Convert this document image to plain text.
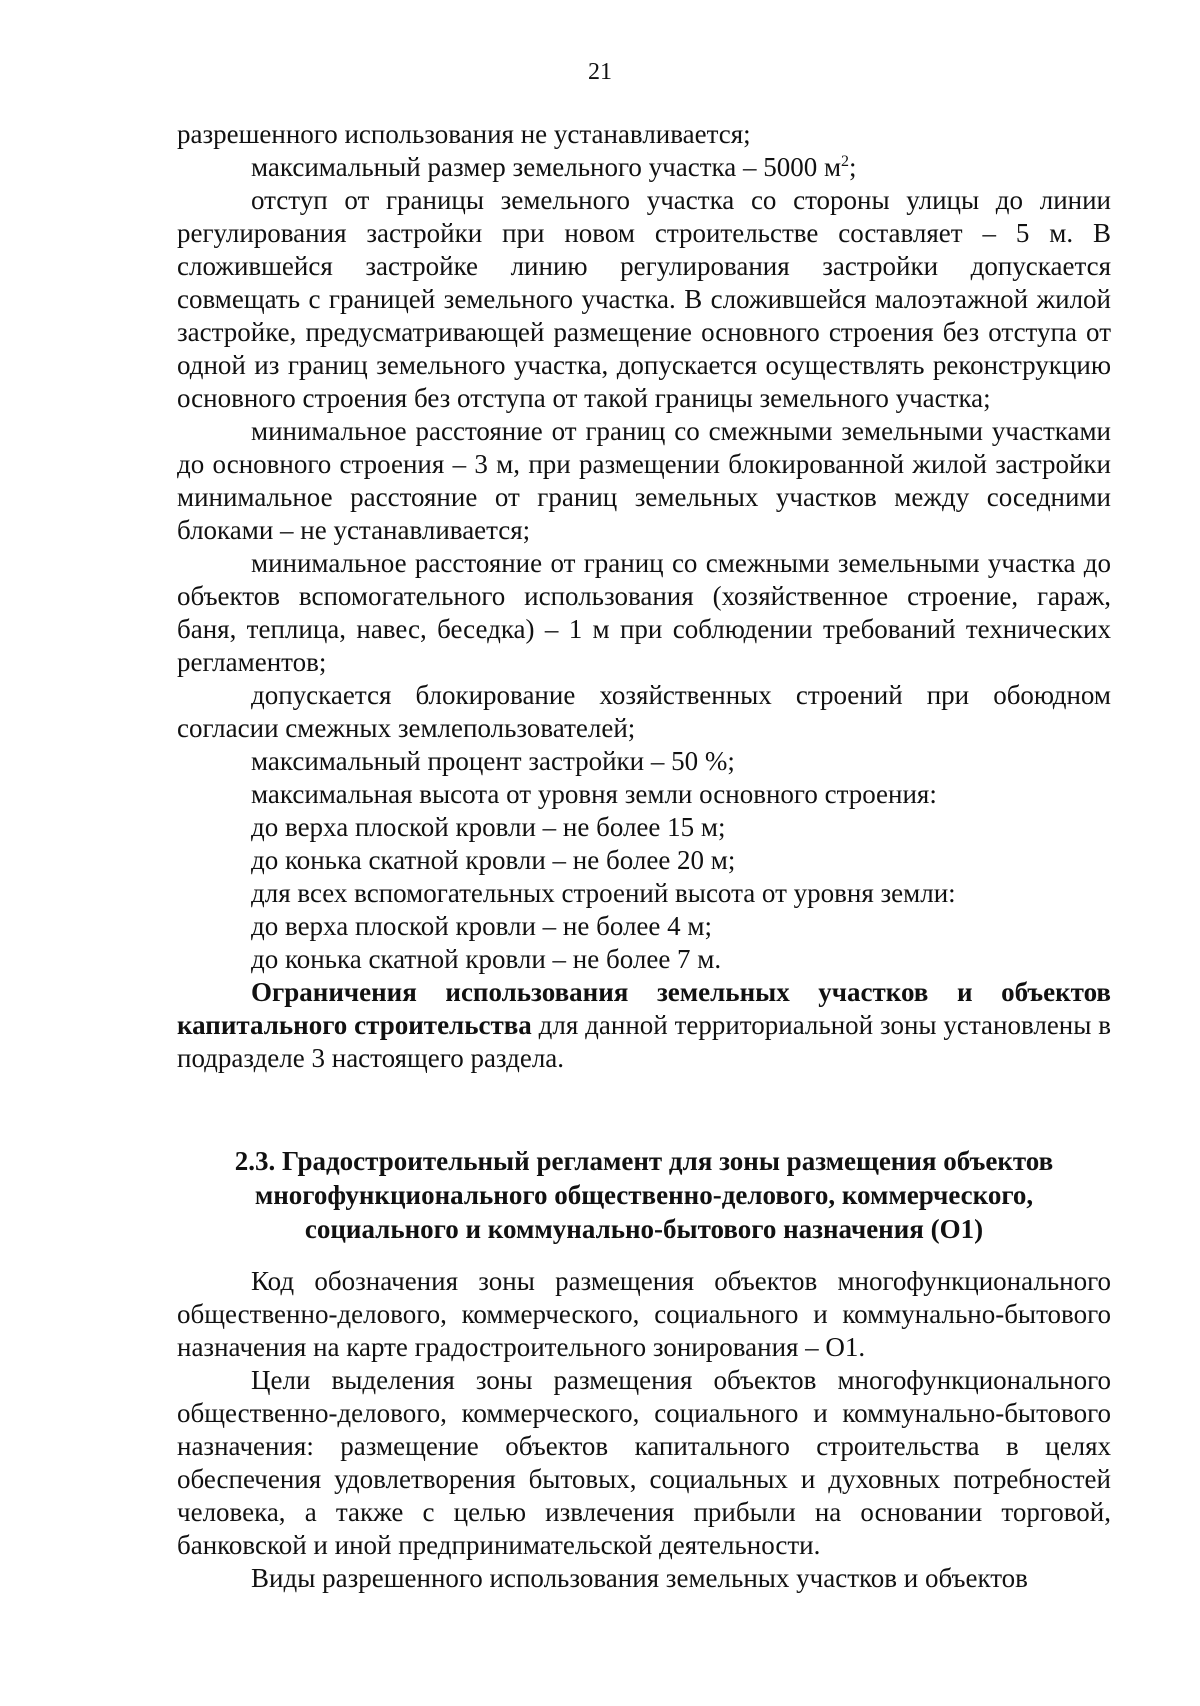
21

разрешенного использования не устанавливается;

максимальный размер земельного участка – 5000 $м^2$;

отступ от границы земельного участка со стороны улицы до линии регулирования застройки при новом строительстве составляет – 5 м. В сложившейся застройке линию регулирования застройки допускается совмещать с границей земельного участка. В сложившейся малоэтажной жилой застройке, предусматривающей размещение основного строения без отступа от одной из границ земельного участка, допускается осуществлять реконструкцию основного строения без отступа от такой границы земельного участка;

минимальное расстояние от границ со смежными земельными участками до основного строения – 3 м, при размещении блокированной жилой застройки минимальное расстояние от границ земельных участков между соседними блоками – не устанавливается;

минимальное расстояние от границ со смежными земельными участка до объектов вспомогательного использования (хозяйственное строение, гараж, баня, теплица, навес, беседка) – 1 м при соблюдении требований технических регламентов;

допускается блокирование хозяйственных строений при обоюдном согласии смежных землепользователей;

максимальный процент застройки – 50 %;

максимальная высота от уровня земли основного строения:

до верха плоской кровли – не более 15 м;

до конька скатной кровли – не более 20 м;

для всех вспомогательных строений высота от уровня земли:

до верха плоской кровли – не более 4 м;

до конька скатной кровли – не более 7 м.

Ограничения использования земельных участков и объектов капитального строительства для данной территориальной зоны установлены в подразделе 3 настоящего раздела.

2.3. Градостроительный регламент для зоны размещения объектов

многофункционального общественно-делового, коммерческого,

социального и коммунально-бытового назначения (О1)

Код обозначения зоны размещения объектов многофункционального общественно-делового, коммерческого, социального и коммунально-бытового назначения на карте градостроительного зонирования – О1.

Цели выделения зоны размещения объектов многофункционального общественно-делового, коммерческого, социального и коммунально-бытового назначения: размещение объектов капитального строительства в целях обеспечения удовлетворения бытовых, социальных и духовных потребностей человека, а также с целью извлечения прибыли на основании торговой, банковской и иной предпринимательской деятельности.

Виды разрешенного использования земельных участков и объектов
